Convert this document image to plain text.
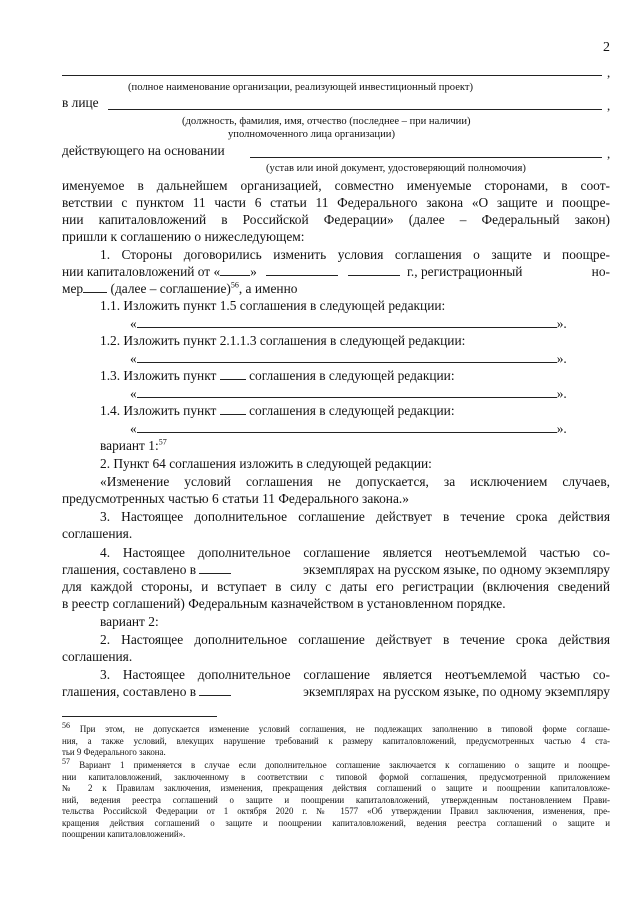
2
,
(полное наименование организации, реализующей инвестиционный проект)
в лице	,
(должность, фамилия, имя, отчество (последнее – при наличии)
уполномоченного лица организации)
действующего на основании	,
(устав или иной документ, удостоверяющий полномочия)
именуемое в дальнейшем организацией, совместно именуемые сторонами, в соот-
ветствии с пунктом 11 части 6 статьи 11 Федерального закона «О защите и поощре-
нии капиталовложений в Российской Федерации» (далее – Федеральный закон)
пришли к соглашению о нижеследующем:
1. Стороны договорились изменить условия соглашения о защите и поощре-
нии капиталовложений от « »	г., регистрационный	но-
мер (далее – соглашение)$^{56}$, а именно
1.1. Изложить пункт 1.5 соглашения в следующей редакции:
«	».
1.2. Изложить пункт 2.1.1.3 соглашения в следующей редакции:
«	».
1.3. Изложить пункт соглашения в следующей редакции:
«	».
1.4. Изложить пункт соглашения в следующей редакции:
«	».
вариант 1:$^{57}$
2. Пункт 64 соглашения изложить в следующей редакции:
«Изменение условий соглашения не допускается, за исключением случаев,
предусмотренных частью 6 статьи 11 Федерального закона.»
3. Настоящее дополнительное соглашение действует в течение срока действия
соглашения.
4. Настоящее дополнительное соглашение является неотъемлемой частью со-
глашения, составлено в	экземплярах на русском языке, по одному экземпляру
для каждой стороны, и вступает в силу с даты его регистрации (включения сведений
в реестр соглашений) Федеральным казначейством в установленном порядке.
вариант 2:
2. Настоящее дополнительное соглашение действует в течение срока действия
соглашения.
3. Настоящее дополнительное соглашение является неотъемлемой частью со-
глашения, составлено в	экземплярах на русском языке, по одному экземпляру
$^{56}$ При этом, не допускается изменение условий соглашения, не подлежащих заполнению в типовой форме соглаше-
ния, а также условий, влекущих нарушение требований к размеру капиталовложений, предусмотренных частью 4 ста-
тьи 9 Федерального закона.
$^{57}$ Вариант 1 применяется в случае если дополнительное соглашение заключается к соглашению о защите и поощре-
нии капиталовложений, заключенному в соответствии с типовой формой соглашения, предусмотренной приложением
№ 2 к Правилам заключения, изменения, прекращения действия соглашений о защите и поощрении капиталовложе-
ний, ведения реестра соглашений о защите и поощрении капиталовложений, утвержденным постановлением Прави-
тельства Российской Федерации от 1 октября 2020 г. № 1577 «Об утверждении Правил заключения, изменения, пре-
кращения действия соглашений о защите и поощрении капиталовложений, ведения реестра соглашений о защите и
поощрении капиталовложений».
